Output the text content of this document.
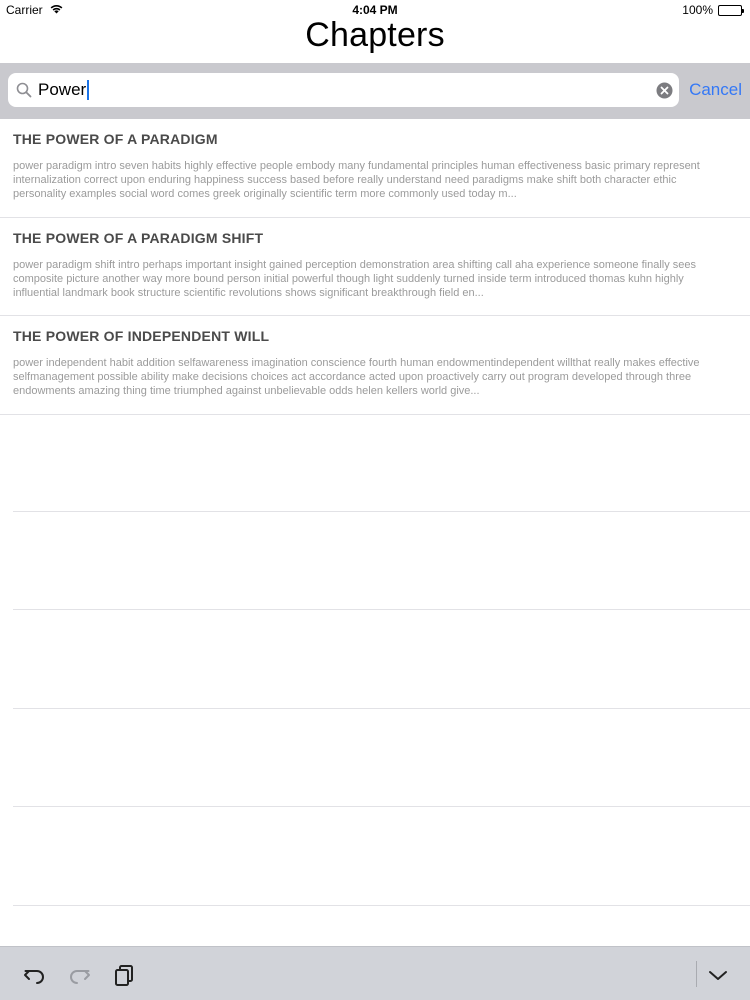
Carrier	4:04 PM	100%
Chapters
Power	Cancel
THE POWER OF A PARADIGM
power paradigm intro seven habits highly effective people embody many fundamental principles human effectiveness basic primary represent internalization correct upon enduring happiness success based before really understand need paradigms make shift both character ethic personality examples social word comes greek originally scientific term more commonly used today m...
THE POWER OF A PARADIGM SHIFT
power paradigm shift intro perhaps important insight gained perception demonstration area shifting call aha experience someone finally sees composite picture another way more bound person initial powerful though light suddenly turned inside term introduced thomas kuhn highly influential landmark book structure scientific revolutions shows significant breakthrough field en...
THE POWER OF INDEPENDENT WILL
power independent habit addition selfawareness imagination conscience fourth human endowmentindependent willthat really makes effective selfmanagement possible ability make decisions choices act accordance acted upon proactively carry out program developed through three endowments amazing thing time triumphed against unbelievable odds helen kellers world give...
